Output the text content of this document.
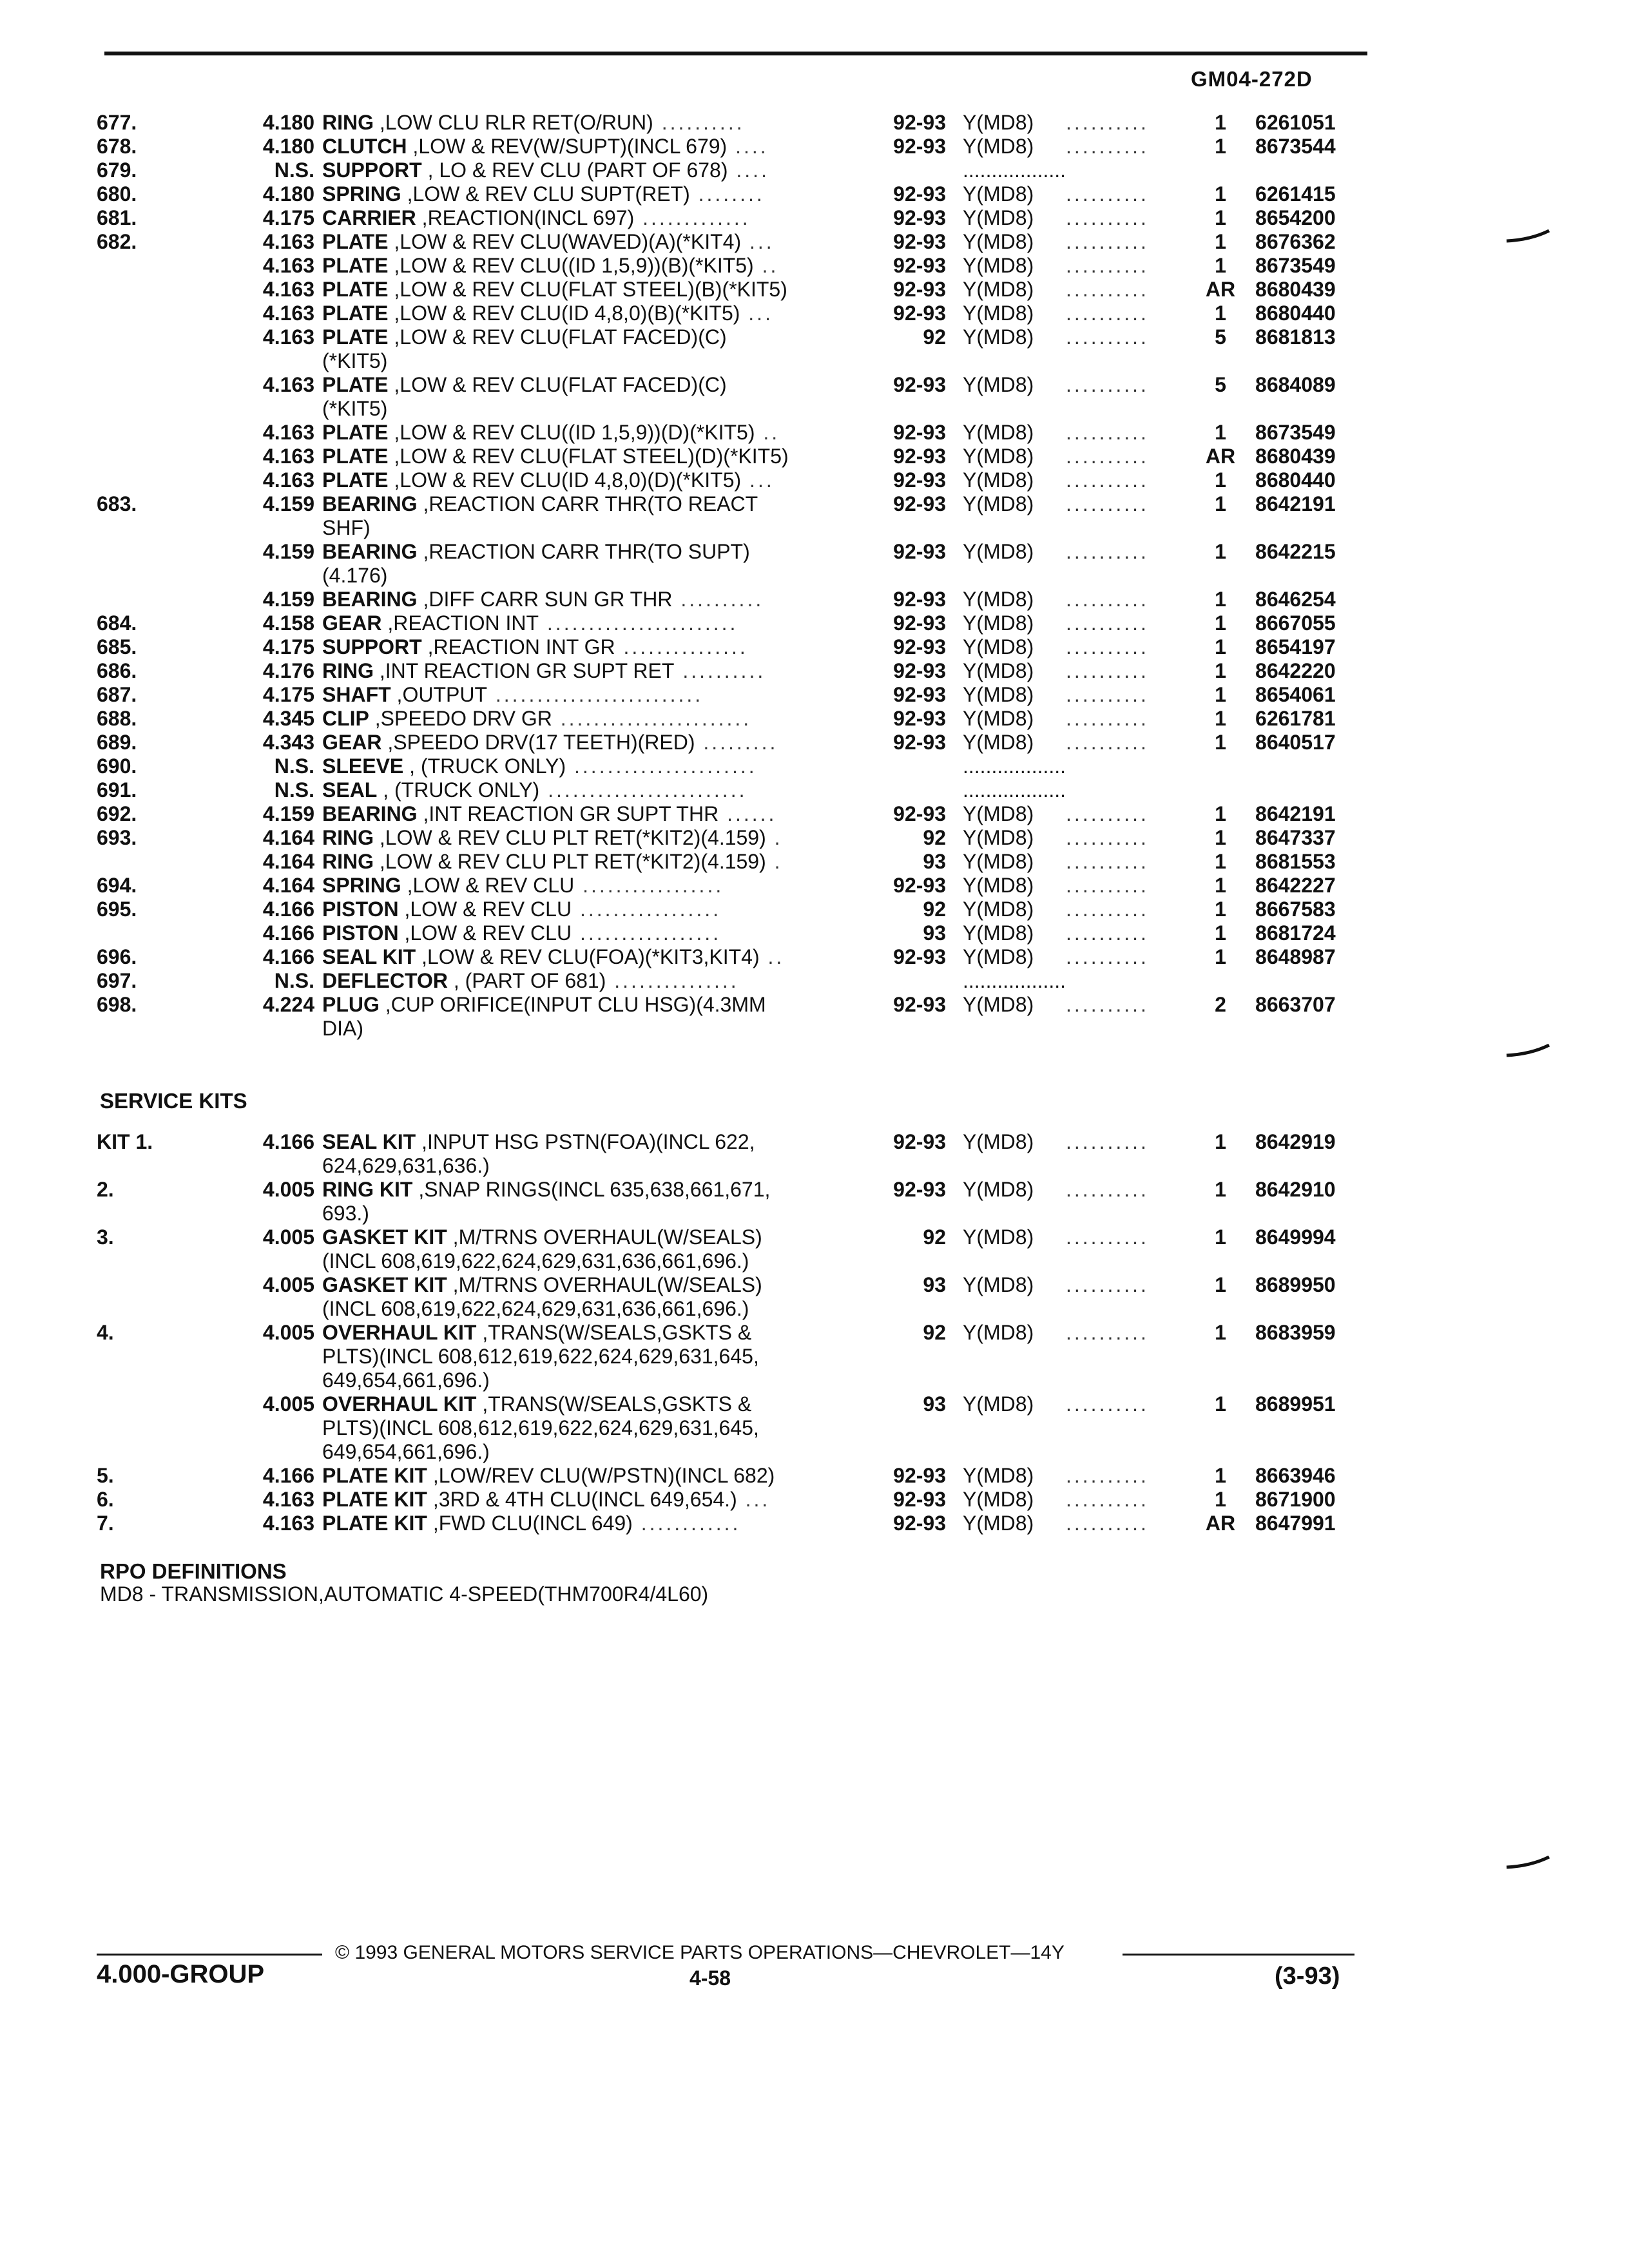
GM04-272D
677.	4.180	RING ,LOW CLU RLR RET(O/RUN) ..........	92-93	Y(MD8)	..........	1	6261051
678.	4.180	CLUTCH ,LOW & REV(W/SUPT)(INCL 679) ....	92-93	Y(MD8)	..........	1	8673544
679.	N.S.	SUPPORT , LO & REV CLU (PART OF 678) ....		..................			
680.	4.180	SPRING ,LOW & REV CLU SUPT(RET) ........	92-93	Y(MD8)	..........	1	6261415
681.	4.175	CARRIER ,REACTION(INCL 697) .............	92-93	Y(MD8)	..........	1	8654200
682.	4.163	PLATE ,LOW & REV CLU(WAVED)(A)(*KIT4) ...	92-93	Y(MD8)	..........	1	8676362
	4.163	PLATE ,LOW & REV CLU((ID 1,5,9))(B)(*KIT5) ..	92-93	Y(MD8)	..........	1	8673549
	4.163	PLATE ,LOW & REV CLU(FLAT STEEL)(B)(*KIT5)	92-93	Y(MD8)	..........	AR	8680439
	4.163	PLATE ,LOW & REV CLU(ID 4,8,0)(B)(*KIT5) ...	92-93	Y(MD8)	..........	1	8680440
	4.163	PLATE ,LOW & REV CLU(FLAT FACED)(C)
(*KIT5)	92	Y(MD8)	..........	5	8681813
	4.163	PLATE ,LOW & REV CLU(FLAT FACED)(C)
(*KIT5)	92-93	Y(MD8)	..........	5	8684089
	4.163	PLATE ,LOW & REV CLU((ID 1,5,9))(D)(*KIT5) ..	92-93	Y(MD8)	..........	1	8673549
	4.163	PLATE ,LOW & REV CLU(FLAT STEEL)(D)(*KIT5)	92-93	Y(MD8)	..........	AR	8680439
	4.163	PLATE ,LOW & REV CLU(ID 4,8,0)(D)(*KIT5) ...	92-93	Y(MD8)	..........	1	8680440
683.	4.159	BEARING ,REACTION CARR THR(TO REACT
SHF)	92-93	Y(MD8)	..........	1	8642191
	4.159	BEARING ,REACTION CARR THR(TO SUPT)
(4.176)	92-93	Y(MD8)	..........	1	8642215
	4.159	BEARING ,DIFF CARR SUN GR THR ..........	92-93	Y(MD8)	..........	1	8646254
684.	4.158	GEAR ,REACTION INT .......................	92-93	Y(MD8)	..........	1	8667055
685.	4.175	SUPPORT ,REACTION INT GR ...............	92-93	Y(MD8)	..........	1	8654197
686.	4.176	RING ,INT REACTION GR SUPT RET ..........	92-93	Y(MD8)	..........	1	8642220
687.	4.175	SHAFT ,OUTPUT .........................	92-93	Y(MD8)	..........	1	8654061
688.	4.345	CLIP ,SPEEDO DRV GR .......................	92-93	Y(MD8)	..........	1	6261781
689.	4.343	GEAR ,SPEEDO DRV(17 TEETH)(RED) .........	92-93	Y(MD8)	..........	1	8640517
690.	N.S.	SLEEVE , (TRUCK ONLY) ......................		..................			
691.	N.S.	SEAL , (TRUCK ONLY) ........................		..................			
692.	4.159	BEARING ,INT REACTION GR SUPT THR ......	92-93	Y(MD8)	..........	1	8642191
693.	4.164	RING ,LOW & REV CLU PLT RET(*KIT2)(4.159) .	92	Y(MD8)	..........	1	8647337
	4.164	RING ,LOW & REV CLU PLT RET(*KIT2)(4.159) .	93	Y(MD8)	..........	1	8681553
694.	4.164	SPRING ,LOW & REV CLU .................	92-93	Y(MD8)	..........	1	8642227
695.	4.166	PISTON ,LOW & REV CLU .................	92	Y(MD8)	..........	1	8667583
	4.166	PISTON ,LOW & REV CLU .................	93	Y(MD8)	..........	1	8681724
696.	4.166	SEAL KIT ,LOW & REV CLU(FOA)(*KIT3,KIT4) ..	92-93	Y(MD8)	..........	1	8648987
697.	N.S.	DEFLECTOR , (PART OF 681) ...............		..................			
698.	4.224	PLUG ,CUP ORIFICE(INPUT CLU HSG)(4.3MM
DIA)	92-93	Y(MD8)	..........	2	8663707
SERVICE KITS
KIT 1.	4.166	SEAL KIT ,INPUT HSG PSTN(FOA)(INCL 622,
624,629,631,636.)	92-93	Y(MD8)	..........	1	8642919
2.	4.005	RING KIT ,SNAP RINGS(INCL 635,638,661,671,
693.)	92-93	Y(MD8)	..........	1	8642910
3.	4.005	GASKET KIT ,M/TRNS OVERHAUL(W/SEALS)
(INCL 608,619,622,624,629,631,636,661,696.)	92	Y(MD8)	..........	1	8649994
	4.005	GASKET KIT ,M/TRNS OVERHAUL(W/SEALS)
(INCL 608,619,622,624,629,631,636,661,696.)	93	Y(MD8)	..........	1	8689950
4.	4.005	OVERHAUL KIT ,TRANS(W/SEALS,GSKTS &
PLTS)(INCL 608,612,619,622,624,629,631,645,
649,654,661,696.)	92	Y(MD8)	..........	1	8683959
	4.005	OVERHAUL KIT ,TRANS(W/SEALS,GSKTS &
PLTS)(INCL 608,612,619,622,624,629,631,645,
649,654,661,696.)	93	Y(MD8)	..........	1	8689951
5.	4.166	PLATE KIT ,LOW/REV CLU(W/PSTN)(INCL 682)	92-93	Y(MD8)	..........	1	8663946
6.	4.163	PLATE KIT ,3RD & 4TH CLU(INCL 649,654.) ...	92-93	Y(MD8)	..........	1	8671900
7.	4.163	PLATE KIT ,FWD CLU(INCL 649) ............	92-93	Y(MD8)	..........	AR	8647991
RPO DEFINITIONS
MD8 - TRANSMISSION,AUTOMATIC 4-SPEED(THM700R4/4L60)
© 1993 GENERAL MOTORS SERVICE PARTS OPERATIONS—CHEVROLET—14Y
4.000-GROUP	4-58	(3-93)
